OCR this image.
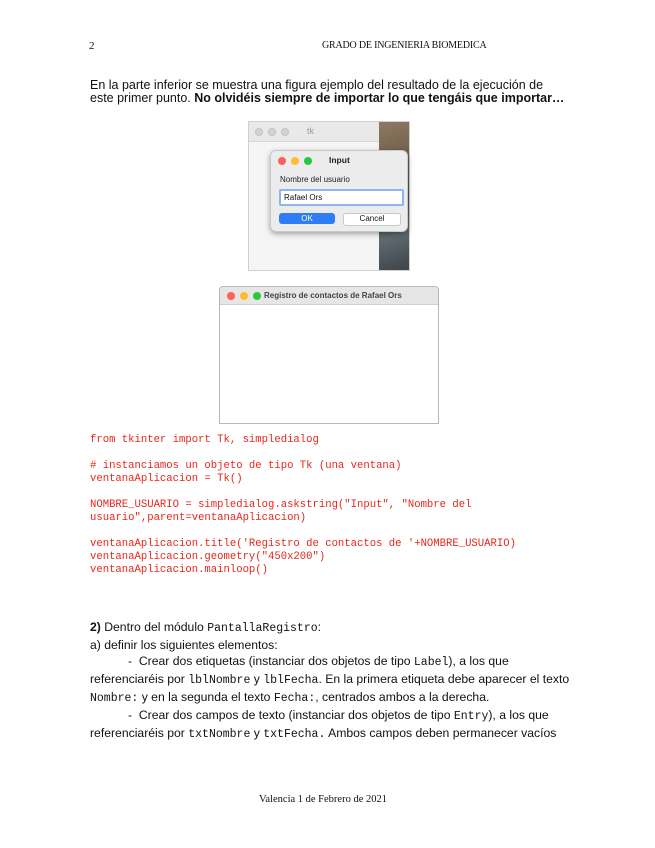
2	GRADO DE INGENIERIA BIOMEDICA
En la parte inferior se muestra una figura ejemplo del resultado de la ejecución de este primer punto. No olvidéis siempre de importar lo que tengáis que importar…
tk
Input
Nombre del usuario
Rafael Ors
OK	Cancel
Registro de contactos de Rafael Ors
from tkinter import Tk, simpledialog

# instanciamos un objeto de tipo Tk (una ventana)
ventanaAplicacion = Tk()

NOMBRE_USUARIO = simpledialog.askstring("Input", "Nombre del
usuario",parent=ventanaAplicacion)

ventanaAplicacion.title('Registro de contactos de '+NOMBRE_USUARIO)
ventanaAplicacion.geometry("450x200")
ventanaAplicacion.mainloop()
2) Dentro del módulo PantallaRegistro:
a) definir los siguientes elementos:
- Crear dos etiquetas (instanciar dos objetos de tipo Label), a los que referenciaréis por lblNombre y lblFecha. En la primera etiqueta debe aparecer el texto Nombre: y en la segunda el texto Fecha:, centrados ambos a la derecha.
- Crear dos campos de texto (instanciar dos objetos de tipo Entry), a los que referenciaréis por txtNombre y txtFecha. Ambos campos deben permanecer vacíos
Valencia 1 de Febrero de 2021
